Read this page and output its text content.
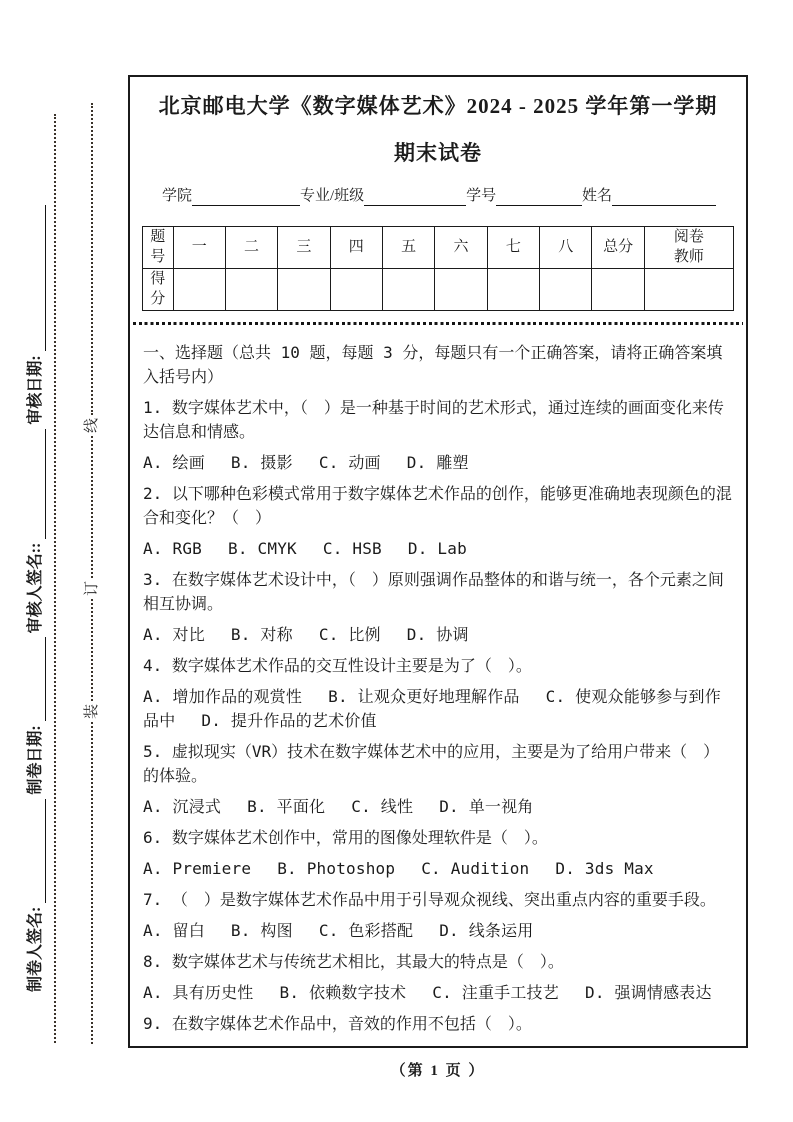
制卷人签名:
制卷日期:
审核人签名::
审核日期:
装
订
线
北京邮电大学《数字媒体艺术》2024 - 2025 学年第一学期期末试卷
学院	专业/班级	学号	姓名
题号	一	二	三	四	五	六	七	八	总分	阅卷教师
得分										

一、选择题（总共 10 题，每题 3 分，每题只有一个正确答案，请将正确答案填入括号内）

1. 数字媒体艺术中，（　）是一种基于时间的艺术形式，通过连续的画面变化来传达信息和情感。

A. 绘画　 B. 摄影　 C. 动画　 D. 雕塑

2. 以下哪种色彩模式常用于数字媒体艺术作品的创作，能够更准确地表现颜色的混合和变化？（　）

A. RGB　 B. CMYK　 C. HSB　 D. Lab

3. 在数字媒体艺术设计中，（　）原则强调作品整体的和谐与统一，各个元素之间相互协调。

A. 对比　 B. 对称　 C. 比例　 D. 协调

4. 数字媒体艺术作品的交互性设计主要是为了（　）。

A. 增加作品的观赏性　 B. 让观众更好地理解作品　 C. 使观众能够参与到作品中　 D. 提升作品的艺术价值

5. 虚拟现实（VR）技术在数字媒体艺术中的应用，主要是为了给用户带来（　）的体验。

A. 沉浸式　 B. 平面化　 C. 线性　 D. 单一视角

6. 数字媒体艺术创作中，常用的图像处理软件是（　）。

A. Premiere　 B. Photoshop　 C. Audition　 D. 3ds Max

7. （　）是数字媒体艺术作品中用于引导观众视线、突出重点内容的重要手段。

A. 留白　 B. 构图　 C. 色彩搭配　 D. 线条运用

8. 数字媒体艺术与传统艺术相比，其最大的特点是（　）。

A. 具有历史性　 B. 依赖数字技术　 C. 注重手工技艺　 D. 强调情感表达

9. 在数字媒体艺术作品中，音效的作用不包括（　）。

（第 1 页 ）
